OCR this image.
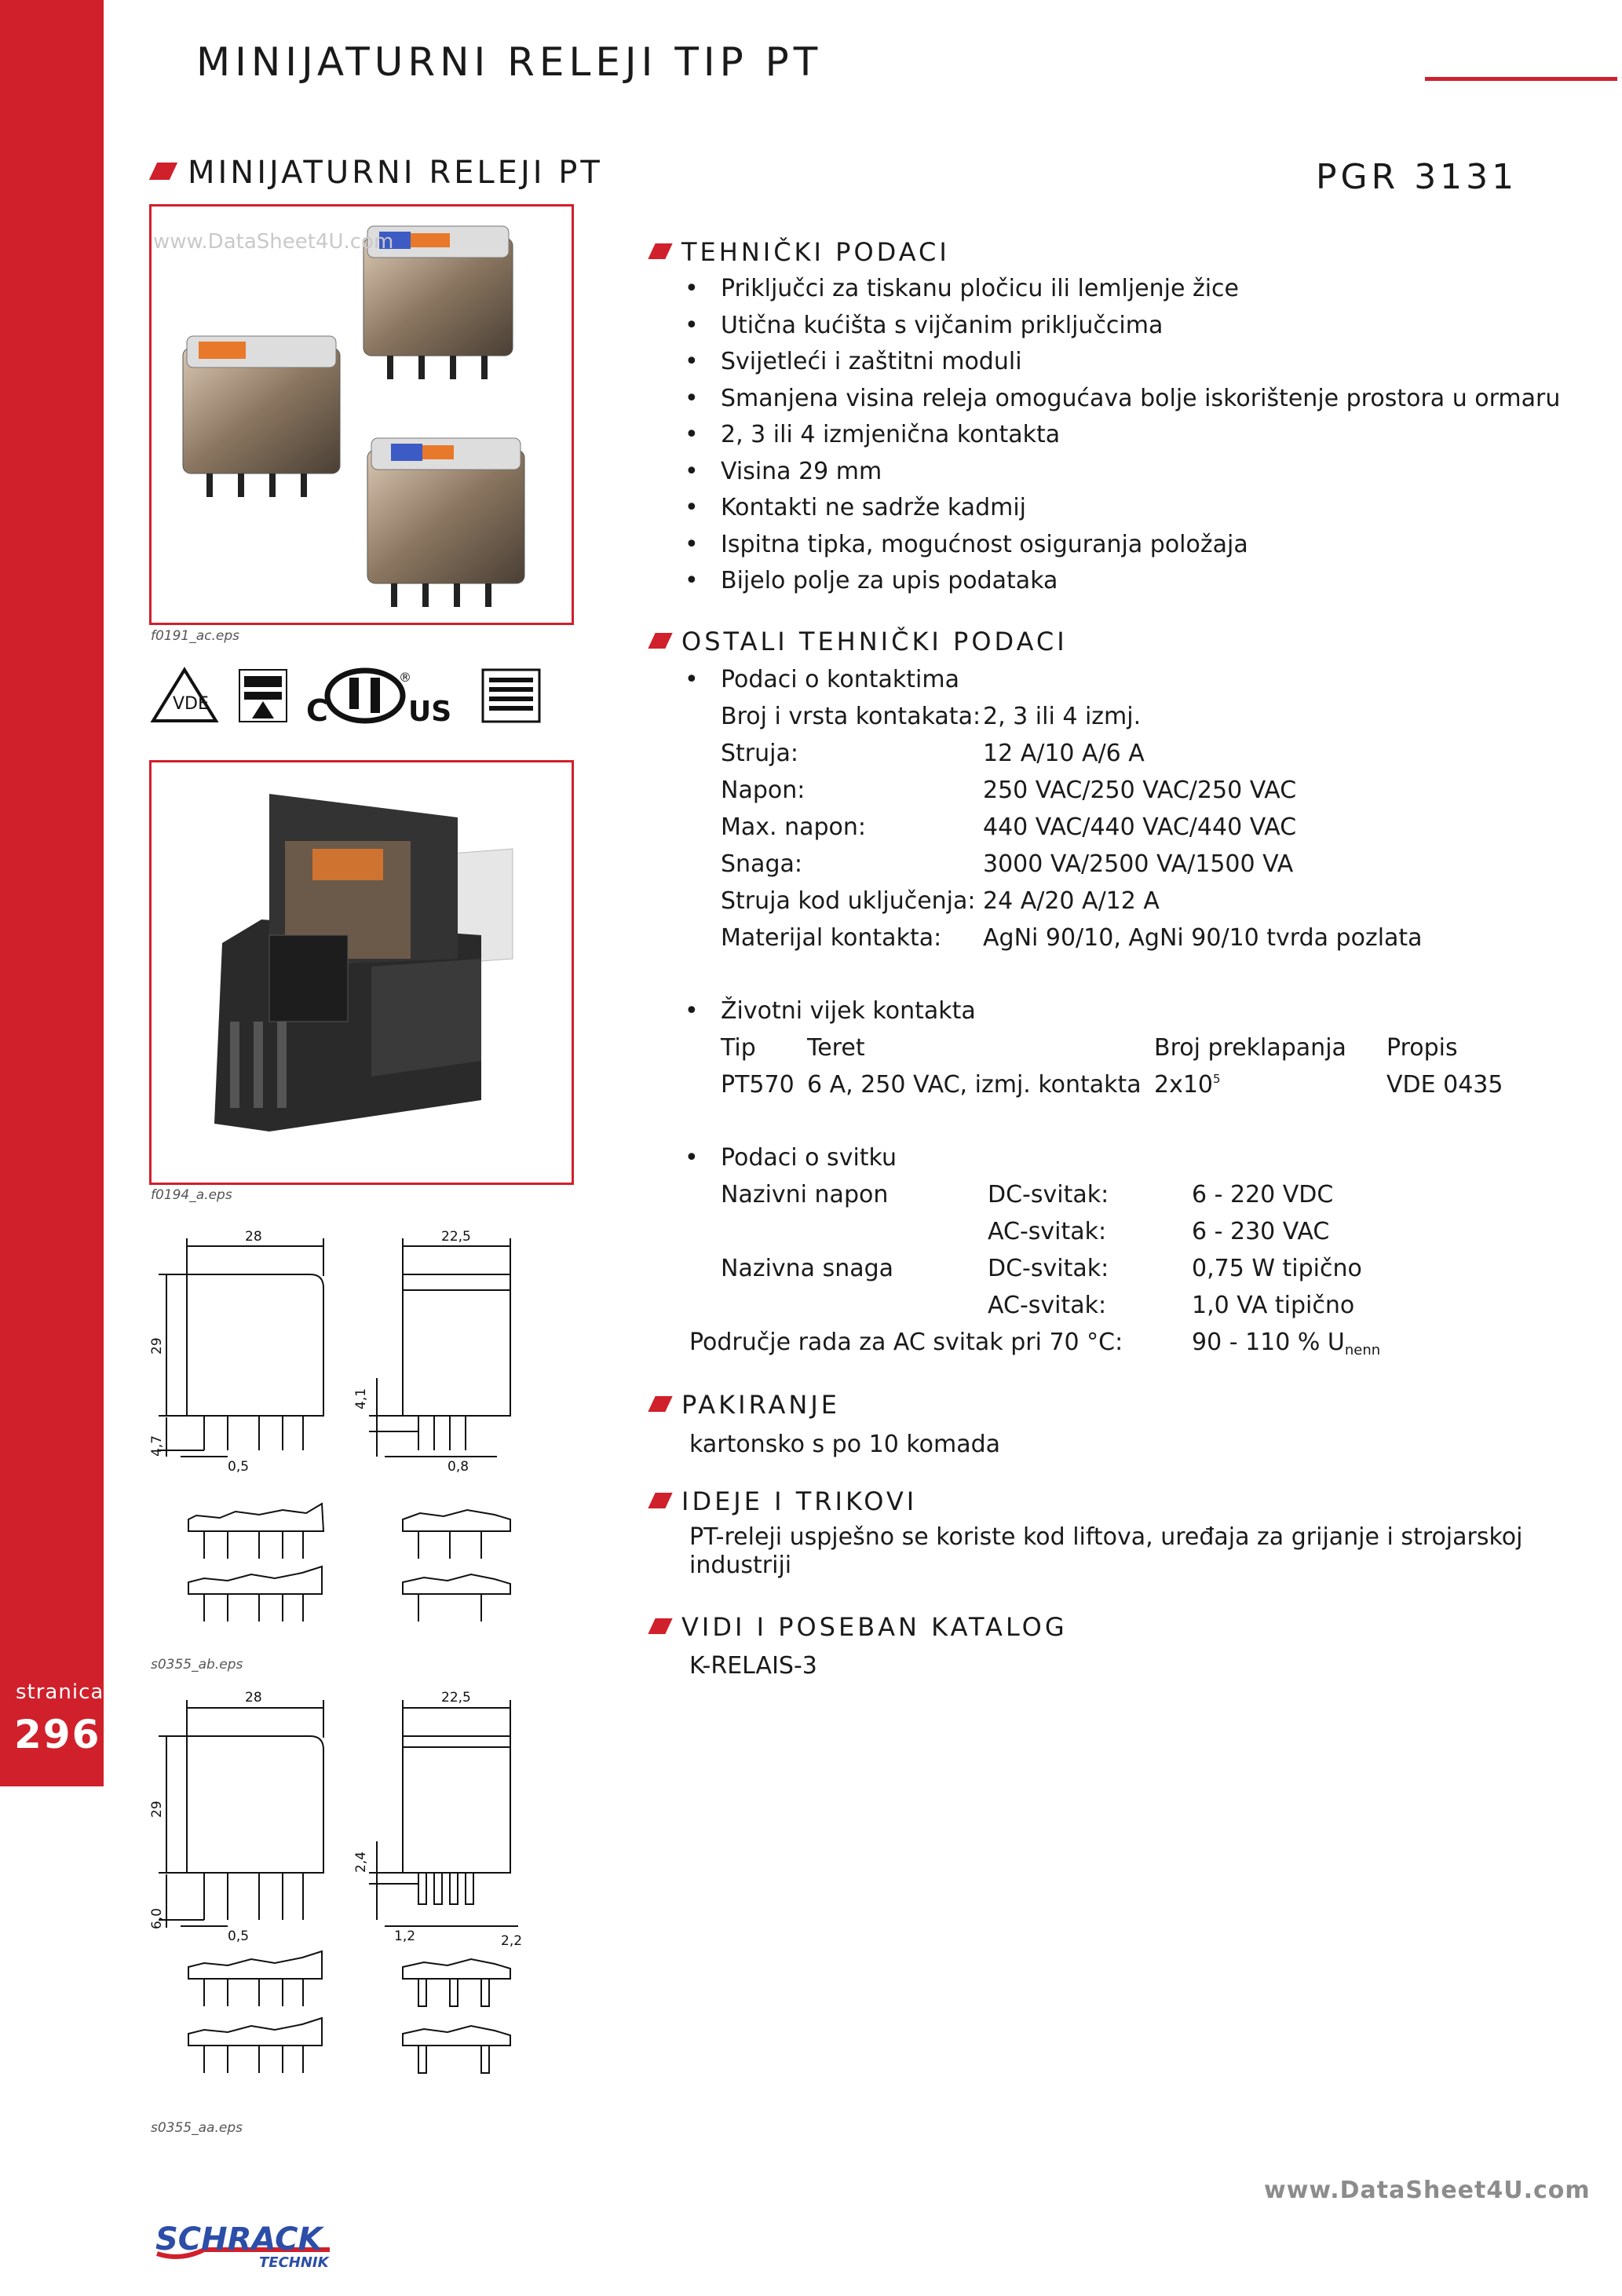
stranica
296
MINIJATURNI RELEJI TIP PT
MINIJATURNI RELEJI PT	PGR 3131
www.DataSheet4U.com
f0191_ac.eps
VDE	C
®
US
f0194_a.eps
28	22,5
29
4,1
4,7
0,5	0,8
s0355_ab.eps
28	22,5
29
2,4
6,0
0,5	1,2	2,2
s0355_aa.eps
TEHNIČKI PODACI
• Priključci za tiskanu pločicu ili lemljenje žice
• Utična kućišta s vijčanim priključcima
• Svijetleći i zaštitni moduli
• Smanjena visina releja omogućava bolje iskorištenje prostora u ormaru
• 2, 3 ili 4 izmjenična kontakta
• Visina 29 mm
• Kontakti ne sadrže kadmij
• Ispitna tipka, mogućnost osiguranja položaja
• Bijelo polje za upis podataka
OSTALI TEHNIČKI PODACI
• Podaci o kontaktima
Broj i vrsta kontakata: 2, 3 ili 4 izmj.
Struja:	12 A/10 A/6 A
Napon:	250 VAC/250 VAC/250 VAC
Max. napon:	440 VAC/440 VAC/440 VAC
Snaga:	3000 VA/2500 VA/1500 VA
Struja kod uključenja: 24 A/20 A/12 A
Materijal kontakta: AgNi 90/10, AgNi 90/10 tvrda pozlata
• Životni vijek kontakta
Tip Teret	Broj preklapanja Propis
PT570 6 A, 250 VAC, izmj. kontakta $2x10^5$	VDE 0435
• Podaci o svitku
Nazivni napon	DC-svitak:	6 - 220 VDC
AC-svitak:	6 - 230 VAC
Nazivna snaga	DC-svitak:	0,75 W tipično
AC-svitak:	1,0 VA tipično
Područje rada za AC svitak pri 70 °C:	90 - 110 % $U_{nenn}$
PAKIRANJE
kartonsko s po 10 komada
IDEJE I TRIKOVI
PT-releji uspješno se koriste kod liftova, uređaja za grijanje i strojarskoj
industriji
VIDI I POSEBAN KATALOG
K-RELAIS-3
www.DataSheet4U.com
SCHRACK
TECHNIK
